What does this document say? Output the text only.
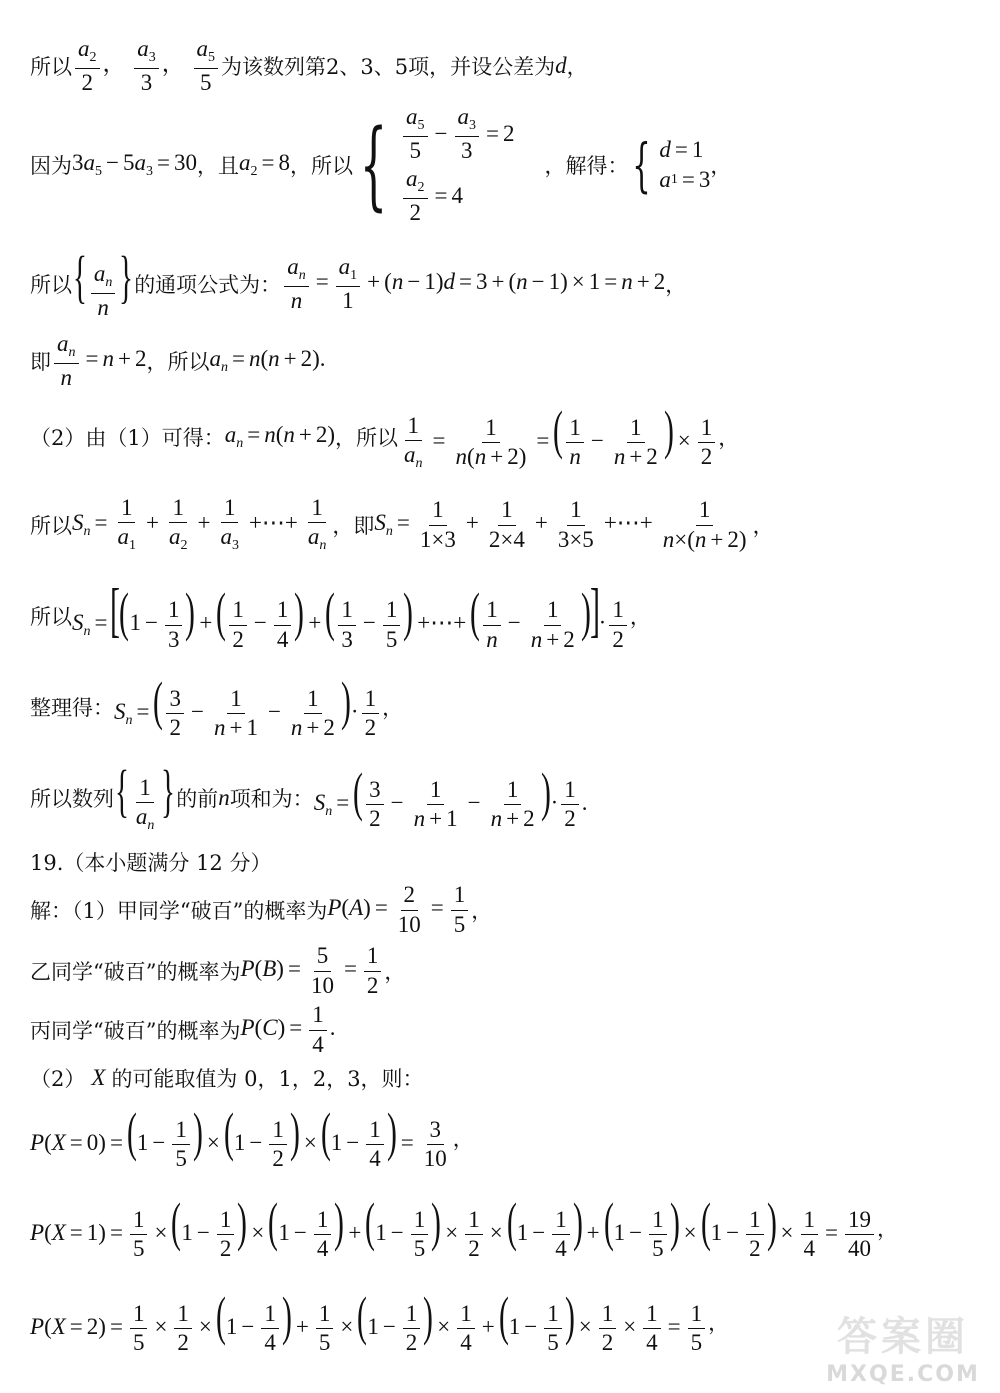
所以 $\frac{a_2}{2}$ ， $\frac{a_3}{3}$ ， $\frac{a_5}{5}$ 为该数列第2、3、5项，并设公差为 d ，
因为 $3a_5 - 5a_3 = 30$ ，且 $a_2 = 8$ ，所以 { $\frac{a_5}{5} - \frac{a_3}{3} = 2$
$\frac{a_2}{2} = 4$
，解得： { d = 1
a 1 = 3
，
所以 { $\frac{a_n}{n}$ } 的通项公式为： $\frac{a_n}{n} = \frac{a_1}{1} + (n - 1)d = 3 + (n - 1) \times 1 = n + 2$ ，
即 $\frac{a_n}{n} = n + 2$ ，所以 $a_n = n(n + 2)$.
（2）由（1）可得： $a_n = n(n + 2)$ ，所以 $\frac{1}{a_n} = \frac{1}{n(n + 2)}$ =( $\frac{1}{n} - \frac{1}{n + 2}$ ) × $\frac{1}{2}$ ，
所以 $S_n = \frac{1}{a_1} + \frac{1}{a_2} + \frac{1}{a_3}$ +⋯+ $\frac{1}{a_n}$ ，即 $S_n = \frac{1}{1\times 3} + \frac{1}{2\times 4} + \frac{1}{3\times 5}$ +⋯+ $\frac{1}{n\times(n + 2)}$ ，
所以 $S_n =[(1 - \frac{1}{3}$ ) +( $\frac{1}{2} - \frac{1}{4}$ ) +( $\frac{1}{3} - \frac{1}{5}$ ) +⋯+( $\frac{1}{n} - \frac{1}{n + 2}$ )]· $\frac{1}{2}$ ，
整理得： $S_n$ =( $\frac{3}{2} - \frac{1}{n + 1} - \frac{1}{n + 2}$ )· $\frac{1}{2}$ ，
所以数列 { $\frac{1}{a_n}$ } 的前 n 项和为： $S_n$ =( $\frac{3}{2} - \frac{1}{n + 1} - \frac{1}{n + 2}$ )· $\frac{1}{2}$ .
19.（本小题满分 12 分）
解：（1）甲同学“破百”的概率为 $P(A) = \frac{2}{10} = \frac{1}{5}$ ，
乙同学“破百”的概率为 $P(B) = \frac{5}{10} = \frac{1}{2}$ ，
丙同学“破百”的概率为 $P(C) = \frac{1}{4}$ .
（2） X 的可能取值为 0，1，2，3，则：
$P(X = 0) =(1 - \frac{1}{5}$ ) $\times(1 - \frac{1}{2}$ ) $\times(1 - \frac{1}{4}$ ) = $\frac{3}{10}$ ，
$P(X = 1) = \frac{1}{5} \times(1 - \frac{1}{2}$ ) $\times(1 - \frac{1}{4}$ ) $+(1 - \frac{1}{5}$ ) × $\frac{1}{2} \times(1 - \frac{1}{4}$ ) $+(1 - \frac{1}{5}$ ) $\times(1 - \frac{1}{2}$ ) × $\frac{1}{4} = \frac{19}{40}$ ，
$P(X = 2) = \frac{1}{5} \times \frac{1}{2} \times(1 - \frac{1}{4}$ ) + $\frac{1}{5} \times(1 - \frac{1}{2}$ ) × $\frac{1}{4} +(1 - \frac{1}{5}$ ) × $\frac{1}{2} \times \frac{1}{4} = \frac{1}{5}$ ，	答案圈
MXQE.COM
